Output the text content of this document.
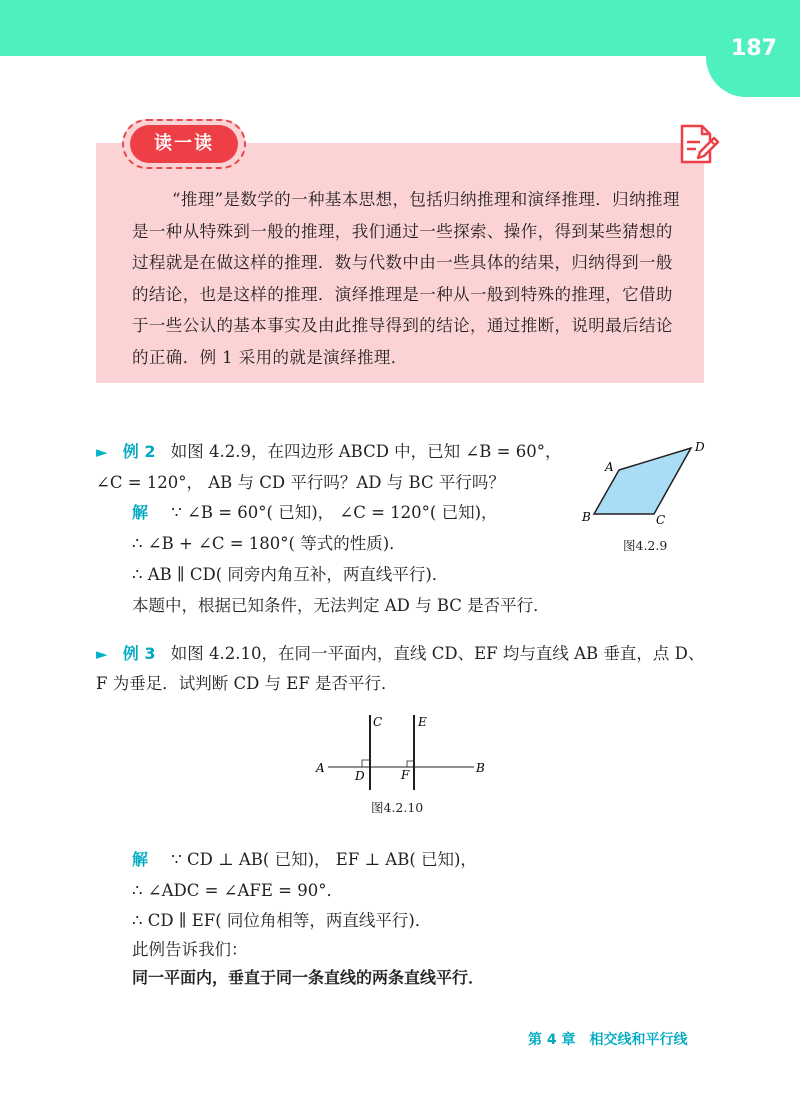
187
读一读

“推理”是数学的一种基本思想，包括归纳推理和演绎推理．归纳推理是一种从特殊到一般的推理，我们通过一些探索、操作，得到某些猜想的过程就是在做这样的推理．数与代数中由一些具体的结果，归纳得到一般的结论，也是这样的推理．演绎推理是一种从一般到特殊的推理，它借助于一些公认的基本事实及由此推导得到的结论，通过推断，说明最后结论的正确．例 1 采用的就是演绎推理．

► 例 2 如图 4.2.9，在四边形 ABCD 中，已知 ∠B = 60°，
∠C = 120°， AB 与 CD 平行吗？AD 与 BC 平行吗？
解 ∵ ∠B = 60°( 已知)， ∠C = 120°( 已知)，
∴ ∠B + ∠C = 180°( 等式的性质)．
∴ AB ∥ CD( 同旁内角互补，两直线平行)．
本题中，根据已知条件，无法判定 AD 与 BC 是否平行．
A
D
B	C
图4.2.9
► 例 3 如图 4.2.10，在同一平面内，直线 CD、EF 均与直线 AB 垂直，点 D、
F 为垂足．试判断 CD 与 EF 是否平行．
A	B
C	E
D	F
图4.2.10
解 ∵ CD ⊥ AB( 已知)， EF ⊥ AB( 已知)，
∴ ∠ADC = ∠AFE = 90°．
∴ CD ∥ EF( 同位角相等，两直线平行)．
此例告诉我们：
同一平面内，垂直于同一条直线的两条直线平行．
第 4 章 相交线和平行线
